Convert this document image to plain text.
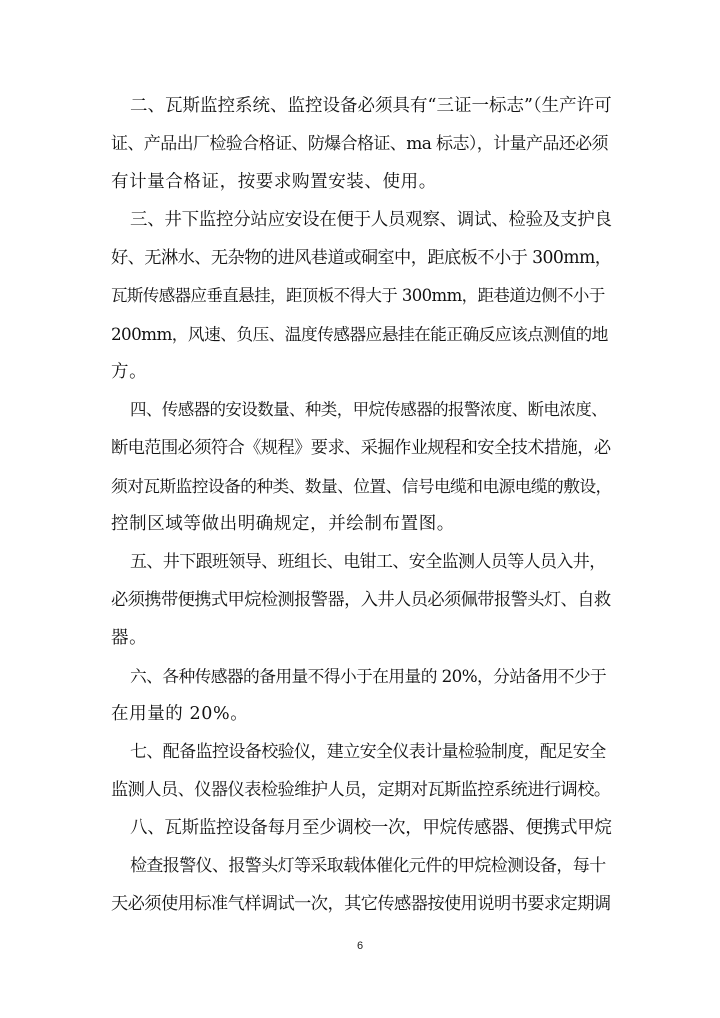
二、瓦斯监控系统、监控设备必须具有“三证一标志”（生产许可
证、产品出厂检验合格证、防爆合格证、ma 标志），计量产品还必须
有计量合格证，按要求购置安装、使用。
三、井下监控分站应安设在便于人员观察、调试、检验及支护良
好、无淋水、无杂物的进风巷道或硐室中，距底板不小于 300mm，
瓦斯传感器应垂直悬挂，距顶板不得大于 300mm，距巷道边侧不小于
200mm，风速、负压、温度传感器应悬挂在能正确反应该点测值的地
方。
四、传感器的安设数量、种类，甲烷传感器的报警浓度、断电浓度、
断电范围必须符合《规程》要求、采掘作业规程和安全技术措施，必
须对瓦斯监控设备的种类、数量、位置、信号电缆和电源电缆的敷设，
控制区域等做出明确规定，并绘制布置图。
五、井下跟班领导、班组长、电钳工、安全监测人员等人员入井，
必须携带便携式甲烷检测报警器，入井人员必须佩带报警头灯、自救
器。
六、各种传感器的备用量不得小于在用量的 20%，分站备用不少于
在用量的 20%。
七、配备监控设备校验仪，建立安全仪表计量检验制度，配足安全
监测人员、仪器仪表检验维护人员，定期对瓦斯监控系统进行调校。
八、瓦斯监控设备每月至少调校一次，甲烷传感器、便携式甲烷
检查报警仪、报警头灯等采取载体催化元件的甲烷检测设备，每十
天必须使用标准气样调试一次，其它传感器按使用说明书要求定期调
6
